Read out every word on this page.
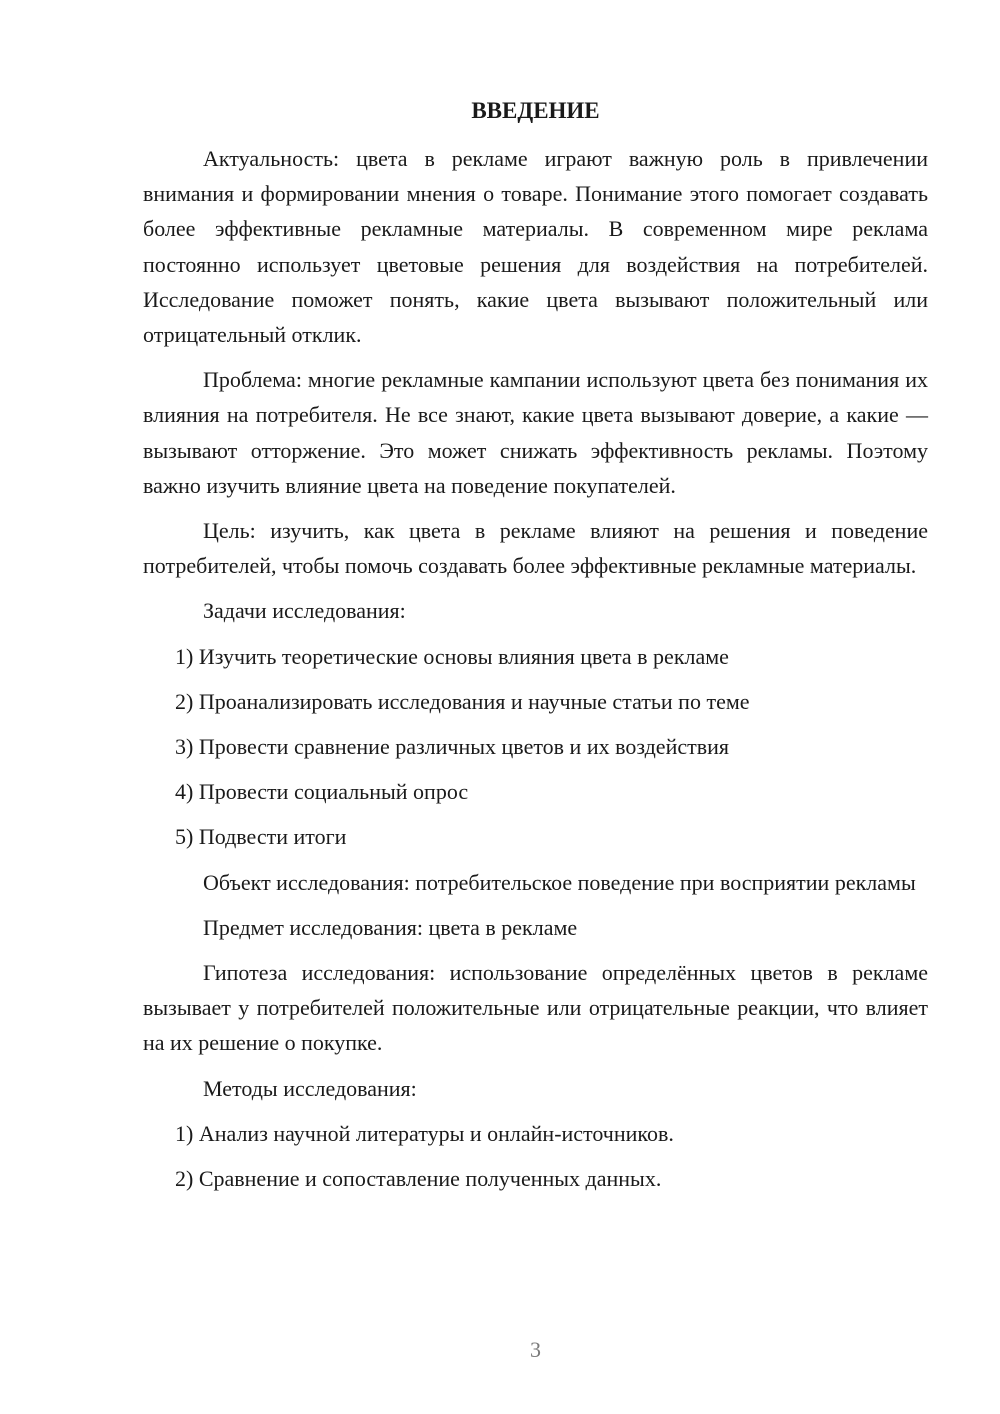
ВВЕДЕНИЕ

Актуальность: цвета в рекламе играют важную роль в привлечении внимания и формировании мнения о товаре. Понимание этого помогает создавать более эффективные рекламные материалы. В современном мире реклама постоянно использует цветовые решения для воздействия на потребителей. Исследование поможет понять, какие цвета вызывают положительный или отрицательный отклик.

Проблема: многие рекламные кампании используют цвета без понимания их влияния на потребителя. Не все знают, какие цвета вызывают доверие, а какие — вызывают отторжение. Это может снижать эффективность рекламы. Поэтому важно изучить влияние цвета на поведение покупателей.

Цель: изучить, как цвета в рекламе влияют на решения и поведение потребителей, чтобы помочь создавать более эффективные рекламные материалы.

Задачи исследования:

1) Изучить теоретические основы влияния цвета в рекламе
2) Проанализировать исследования и научные статьи по теме
3) Провести сравнение различных цветов и их воздействия
4) Провести социальный опрос
5) Подвести итоги

Объект исследования: потребительское поведение при восприятии рекламы

Предмет исследования: цвета в рекламе

Гипотеза исследования: использование определённых цветов в рекламе вызывает у потребителей положительные или отрицательные реакции, что влияет на их решение о покупке.

Методы исследования:

1) Анализ научной литературы и онлайн-источников.
2) Сравнение и сопоставление полученных данных.
3
